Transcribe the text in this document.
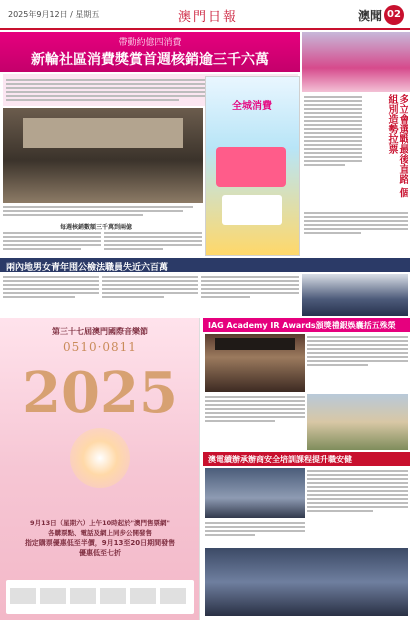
2025年9月12日 / 星期五	澳門日報	澳聞 02
帶動約億四消費
新輪社區消費獎賞首週核銷逾三千六萬
全城消費
每週核銷數額三千萬到兩億
多立會選戰最後直路 個組別造勢拉票
兩內地男女青年囤公檢法職員失近六百萬
第三十七屆澳門國際音樂節
0510·0811
2025
9月13日（星期六）上午10時起於"澳門售票網"
各購票點、電話及網上同步公開發售
指定購票優惠低至半價，9月13至20日期間發售
優惠低至七折
IAG Academy IR Awards頒獎禮銀娛囊括五殊榮
澳電續辦承辦商安全培訓課程提升職安健
